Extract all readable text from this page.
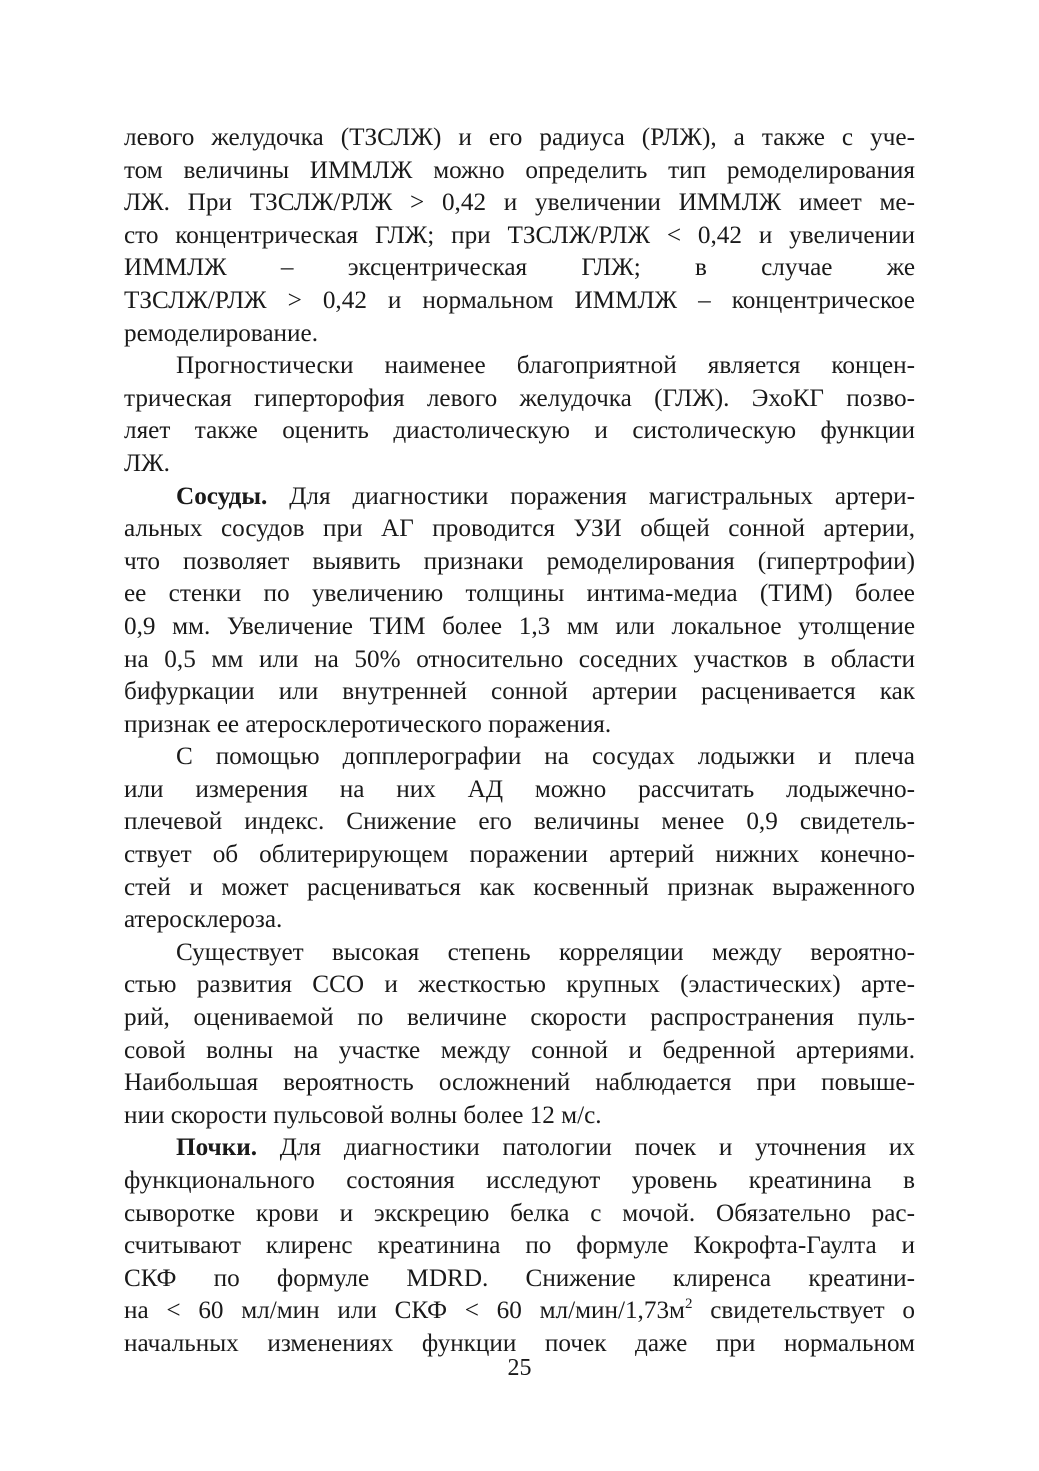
левого желудочка (ТЗСЛЖ) и его радиуса (РЛЖ), а также с уче-
том величины ИММЛЖ можно определить тип ремоделирования
ЛЖ. При ТЗСЛЖ/РЛЖ > 0,42 и увеличении ИММЛЖ имеет ме-
сто концентрическая ГЛЖ; при ТЗСЛЖ/РЛЖ < 0,42 и увеличении
ИММЛЖ – эксцентрическая ГЛЖ; в случае же
ТЗСЛЖ/РЛЖ > 0,42 и нормальном ИММЛЖ – концентрическое
ремоделирование.
Прогностически наименее благоприятной является концен-
трическая гиперторофия левого желудочка (ГЛЖ). ЭхоКГ позво-
ляет также оценить диастолическую и систолическую функции
ЛЖ.
Сосуды. Для диагностики поражения магистральных артери-
альных сосудов при АГ проводится УЗИ общей сонной артерии,
что позволяет выявить признаки ремоделирования (гипертрофии)
ее стенки по увеличению толщины интима-медиа (ТИМ) более
0,9 мм. Увеличение ТИМ более 1,3 мм или локальное утолщение
на 0,5 мм или на 50% относительно соседних участков в области
бифуркации или внутренней сонной артерии расценивается как
признак ее атеросклеротического поражения.
С помощью допплерографии на сосудах лодыжки и плеча
или измерения на них АД можно рассчитать лодыжечно-
плечевой индекс. Снижение его величины менее 0,9 свидетель-
ствует об облитерирующем поражении артерий нижних конечно-
стей и может расцениваться как косвенный признак выраженного
атеросклероза.
Существует высокая степень корреляции между вероятно-
стью развития ССО и жесткостью крупных (эластических) арте-
рий, оцениваемой по величине скорости распространения пуль-
совой волны на участке между сонной и бедренной артериями.
Наибольшая вероятность осложнений наблюдается при повыше-
нии скорости пульсовой волны более 12 м/с.
Почки. Для диагностики патологии почек и уточнения их
функционального состояния исследуют уровень креатинина в
сыворотке крови и экскрецию белка с мочой. Обязательно рас-
считывают клиренс креатинина по формуле Кокрофта-Гаулта и
СКФ по формуле MDRD. Снижение клиренса креатини-
на < 60 мл/мин или СКФ < 60 $мл/мин/1,73м^2$ свидетельствует о
начальных изменениях функции почек даже при нормальном
25
